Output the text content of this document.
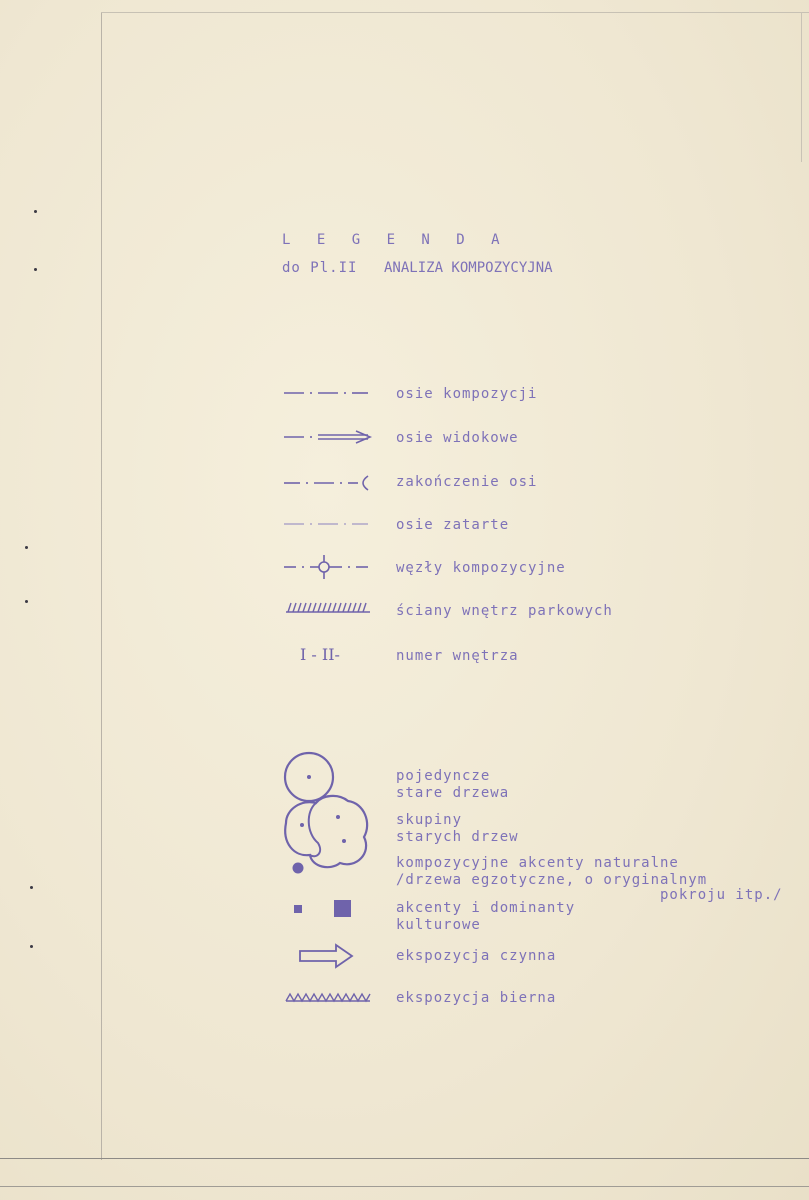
L E G E N D A
do Pl.II ANALIZA KOMPOZYCYJNA
osie kompozycji
osie widokowe
zakończenie osi
osie zatarte
węzły kompozycyjne
ściany wnętrz parkowych
I - II-	numer wnętrza
pojedyncze
stare drzewa
skupiny
starych drzew
kompozycyjne akcenty naturalne
/drzewa egzotyczne, o oryginalnym
pokroju itp./
akcenty i dominanty
kulturowe
ekspozycja czynna
ekspozycja bierna
